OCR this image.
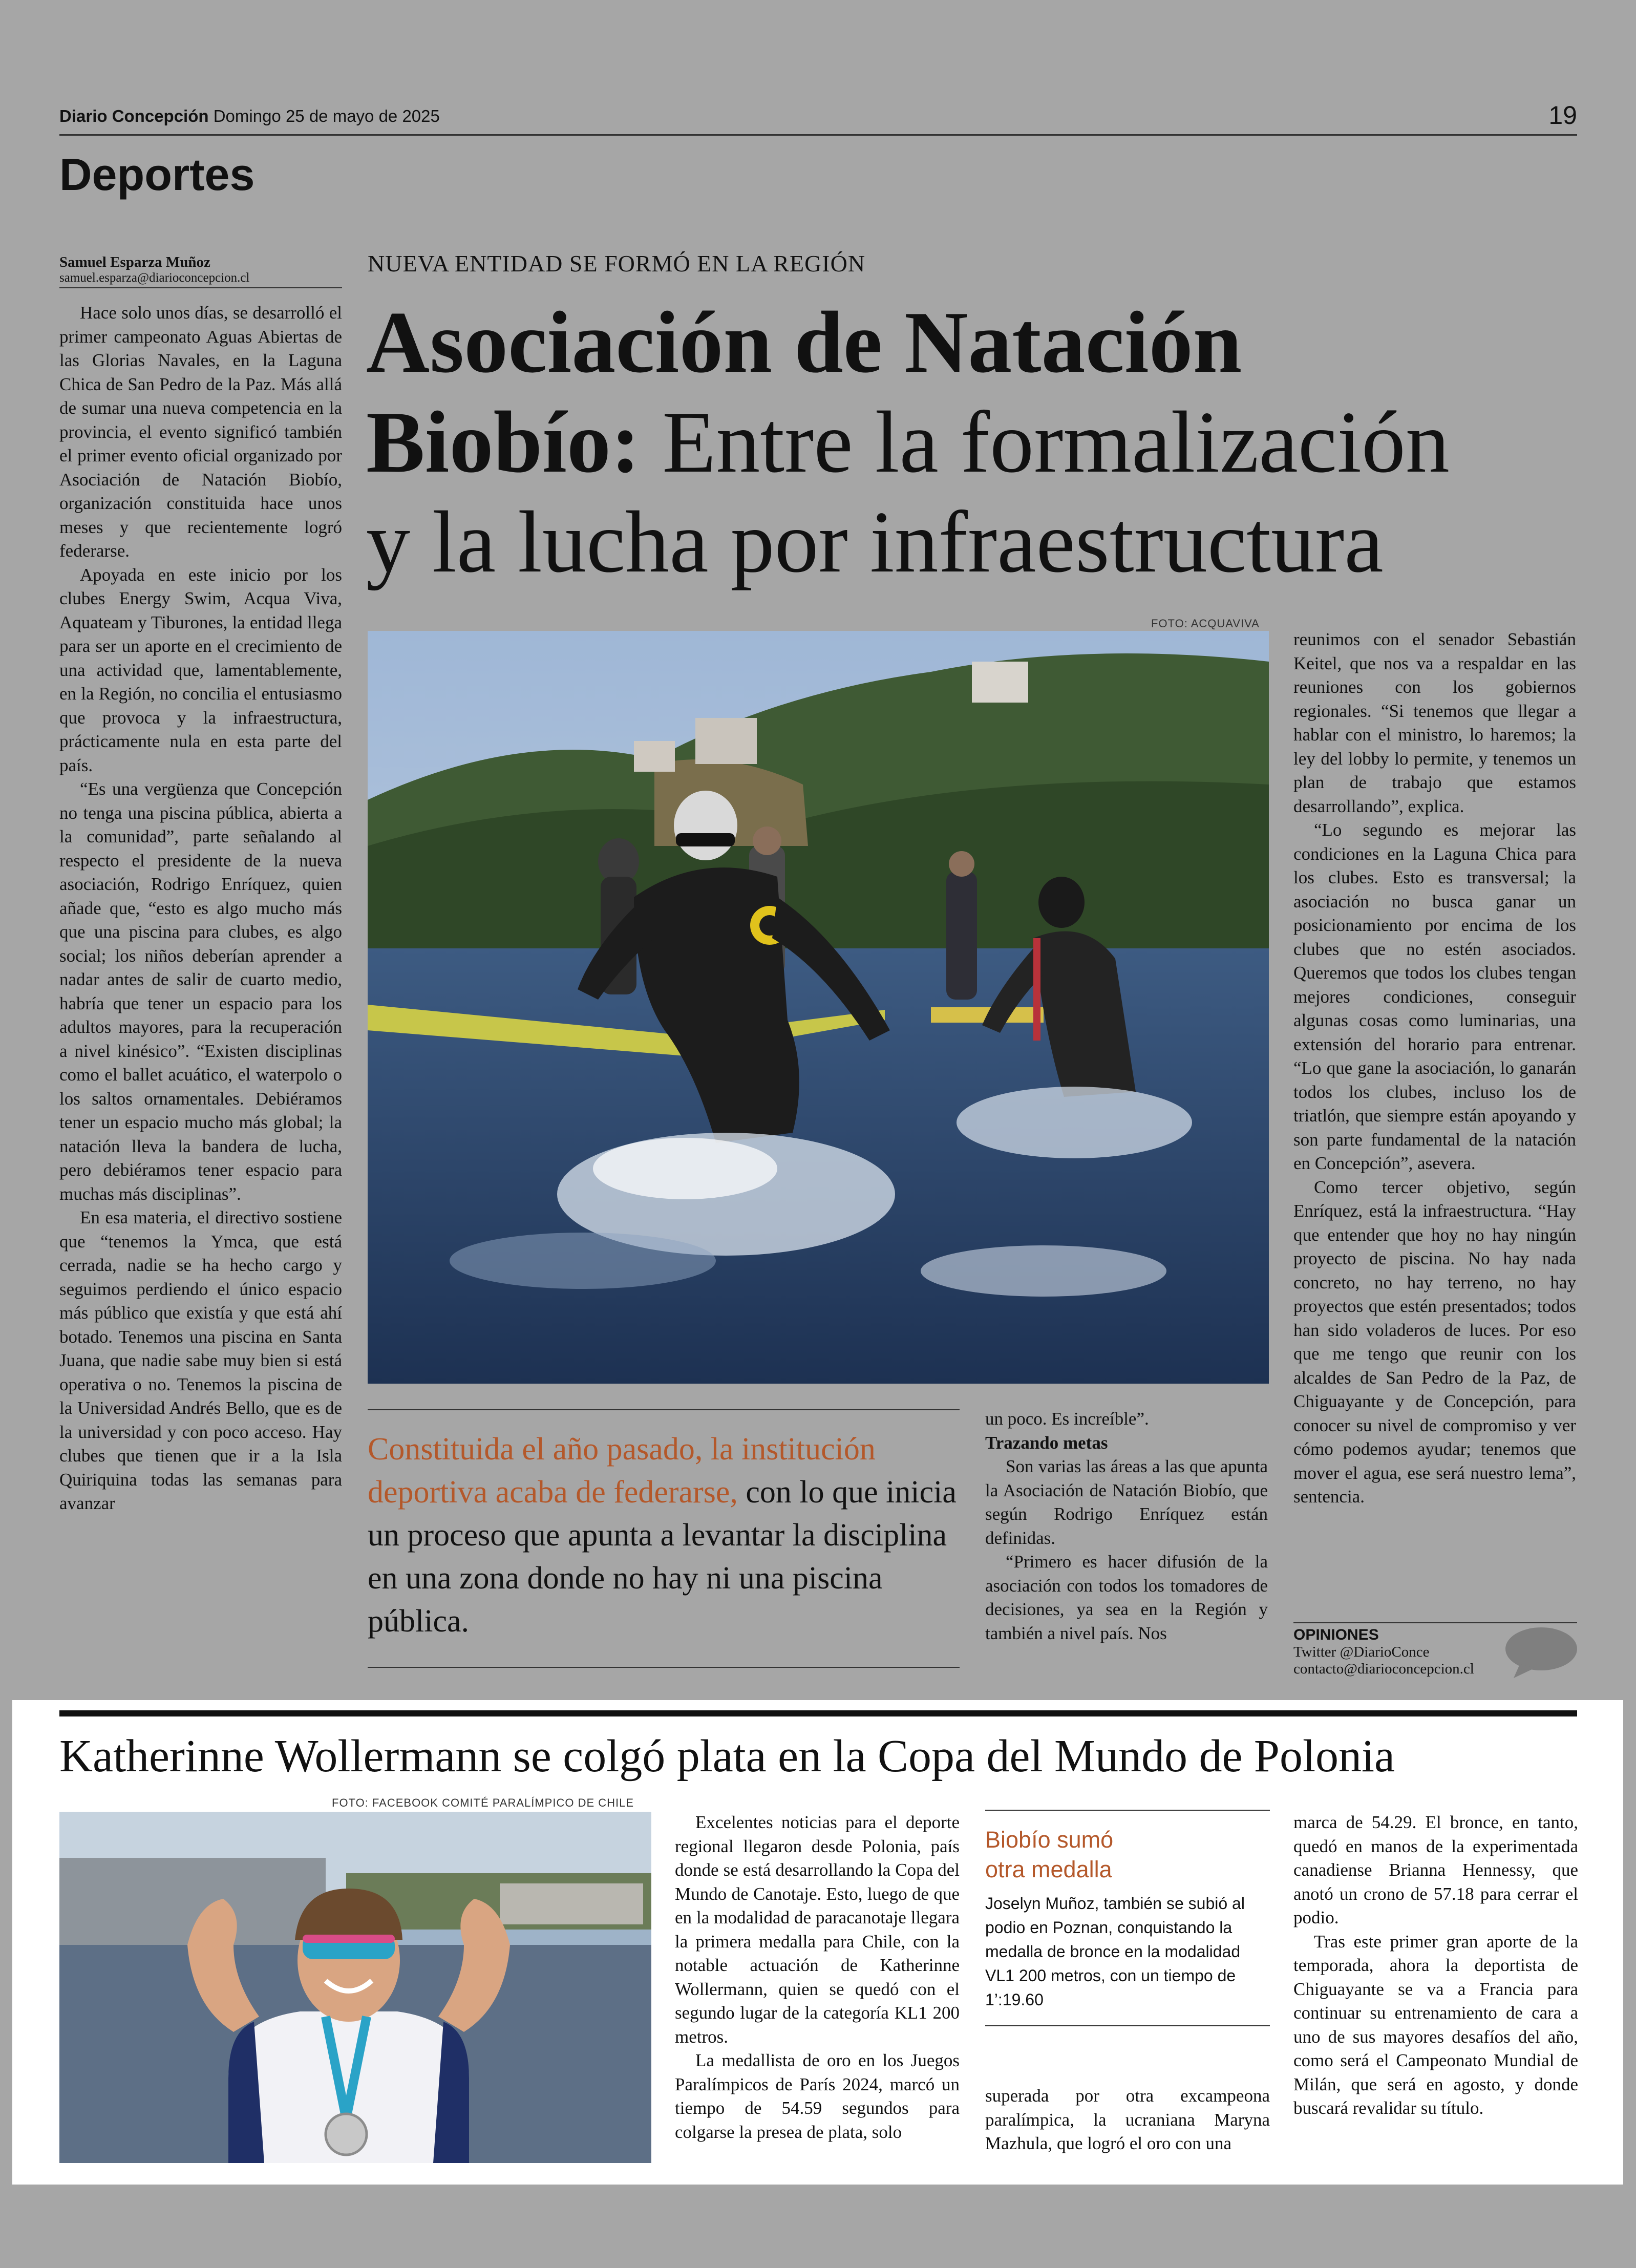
Diario Concepción Domingo 25 de mayo de 2025	19
Deportes
Samuel Esparza Muñoz
samuel.esparza@diarioconcepcion.cl

Hace solo unos días, se desarrolló el primer campeonato Aguas Abiertas de las Glorias Navales, en la Laguna Chica de San Pedro de la Paz. Más allá de sumar una nueva competencia en la provincia, el evento significó también el primer evento oficial organizado por Asociación de Natación Biobío, organización constituida hace unos meses y que recientemente logró federarse.

Apoyada en este inicio por los clubes Energy Swim, Acqua Viva, Aquateam y Tiburones, la entidad llega para ser un aporte en el crecimiento de una actividad que, lamentablemente, en la Región, no concilia el entusiasmo que provoca y la infraestructura, prácticamente nula en esta parte del país.

“Es una vergüenza que Concepción no tenga una piscina pública, abierta a la comunidad”, parte señalando al respecto el presidente de la nueva asociación, Rodrigo Enríquez, quien añade que, “esto es algo mucho más que una piscina para clubes, es algo social; los niños deberían aprender a nadar antes de salir de cuarto medio, habría que tener un espacio para los adultos mayores, para la recuperación a nivel kinésico”. “Existen disciplinas como el ballet acuático, el waterpolo o los saltos ornamentales. Debiéramos tener un espacio mucho más global; la natación lleva la bandera de lucha, pero debiéramos tener espacio para muchas más disciplinas”.

En esa materia, el directivo sostiene que “tenemos la Ymca, que está cerrada, nadie se ha hecho cargo y seguimos perdiendo el único espacio más público que existía y que está ahí botado. Tenemos una piscina en Santa Juana, que nadie sabe muy bien si está operativa o no. Tenemos la piscina de la Universidad Andrés Bello, que es de la universidad y con poco acceso. Hay clubes que tienen que ir a la Isla Quiriquina todas las semanas para avanzar

NUEVA ENTIDAD SE FORMÓ EN LA REGIÓN
Asociación de Natación
Biobío: Entre la formalización
y la lucha por infraestructura
FOTO: ACQUAVIVA
Constituida el año pasado, la institución deportiva acaba de federarse, con lo que inicia un proceso que apunta a levantar la disciplina en una zona donde no hay ni una piscina pública.

un poco. Es increíble”.

Trazando metas

Son varias las áreas a las que apunta la Asociación de Natación Biobío, que según Rodrigo Enríquez están definidas.

“Primero es hacer difusión de la asociación con todos los tomadores de decisiones, ya sea en la Región y también a nivel país. Nos

reunimos con el senador Sebastián Keitel, que nos va a respaldar en las reuniones con los gobiernos regionales. “Si tenemos que llegar a hablar con el ministro, lo haremos; la ley del lobby lo permite, y tenemos un plan de trabajo que estamos desarrollando”, explica.

“Lo segundo es mejorar las condiciones en la Laguna Chica para los clubes. Esto es transversal; la asociación no busca ganar un posicionamiento por encima de los clubes que no estén asociados. Queremos que todos los clubes tengan mejores condiciones, conseguir algunas cosas como luminarias, una extensión del horario para entrenar. “Lo que gane la asociación, lo ganarán todos los clubes, incluso los de triatlón, que siempre están apoyando y son parte fundamental de la natación en Concepción”, asevera.

Como tercer objetivo, según Enríquez, está la infraestructura. “Hay que entender que hoy no hay ningún proyecto de piscina. No hay nada concreto, no hay terreno, no hay proyectos que estén presentados; todos han sido voladeros de luces. Por eso que me tengo que reunir con los alcaldes de San Pedro de la Paz, de Chiguayante y de Concepción, para conocer su nivel de compromiso y ver cómo podemos ayudar; tenemos que mover el agua, ese será nuestro lema”, sentencia.

OPINIONES
Twitter @DiarioConce
contacto@diarioconcepcion.cl
Katherinne Wollermann se colgó plata en la Copa del Mundo de Polonia
FOTO: FACEBOOK COMITÉ PARALÍMPICO DE CHILE

Excelentes noticias para el deporte regional llegaron desde Polonia, país donde se está desarrollando la Copa del Mundo de Canotaje. Esto, luego de que en la modalidad de paracanotaje llegara la primera medalla para Chile, con la notable actuación de Katherinne Wollermann, quien se quedó con el segundo lugar de la categoría KL1 200 metros.

La medallista de oro en los Juegos Paralímpicos de París 2024, marcó un tiempo de 54.59 segundos para colgarse la presea de plata, solo

Biobío sumó
otra medalla
Joselyn Muñoz, también se subió al podio en Poznan, conquistando la medalla de bronce en la modalidad VL1 200 metros, con un tiempo de 1’:19.60

superada por otra excampeona paralímpica, la ucraniana Maryna Mazhula, que logró el oro con una

marca de 54.29. El bronce, en tanto, quedó en manos de la experimentada canadiense Brianna Hennessy, que anotó un crono de 57.18 para cerrar el podio.

Tras este primer gran aporte de la temporada, ahora la deportista de Chiguayante se va a Francia para continuar su entrenamiento de cara a uno de sus mayores desafíos del año, como será el Campeonato Mundial de Milán, que será en agosto, y donde buscará revalidar su título.
